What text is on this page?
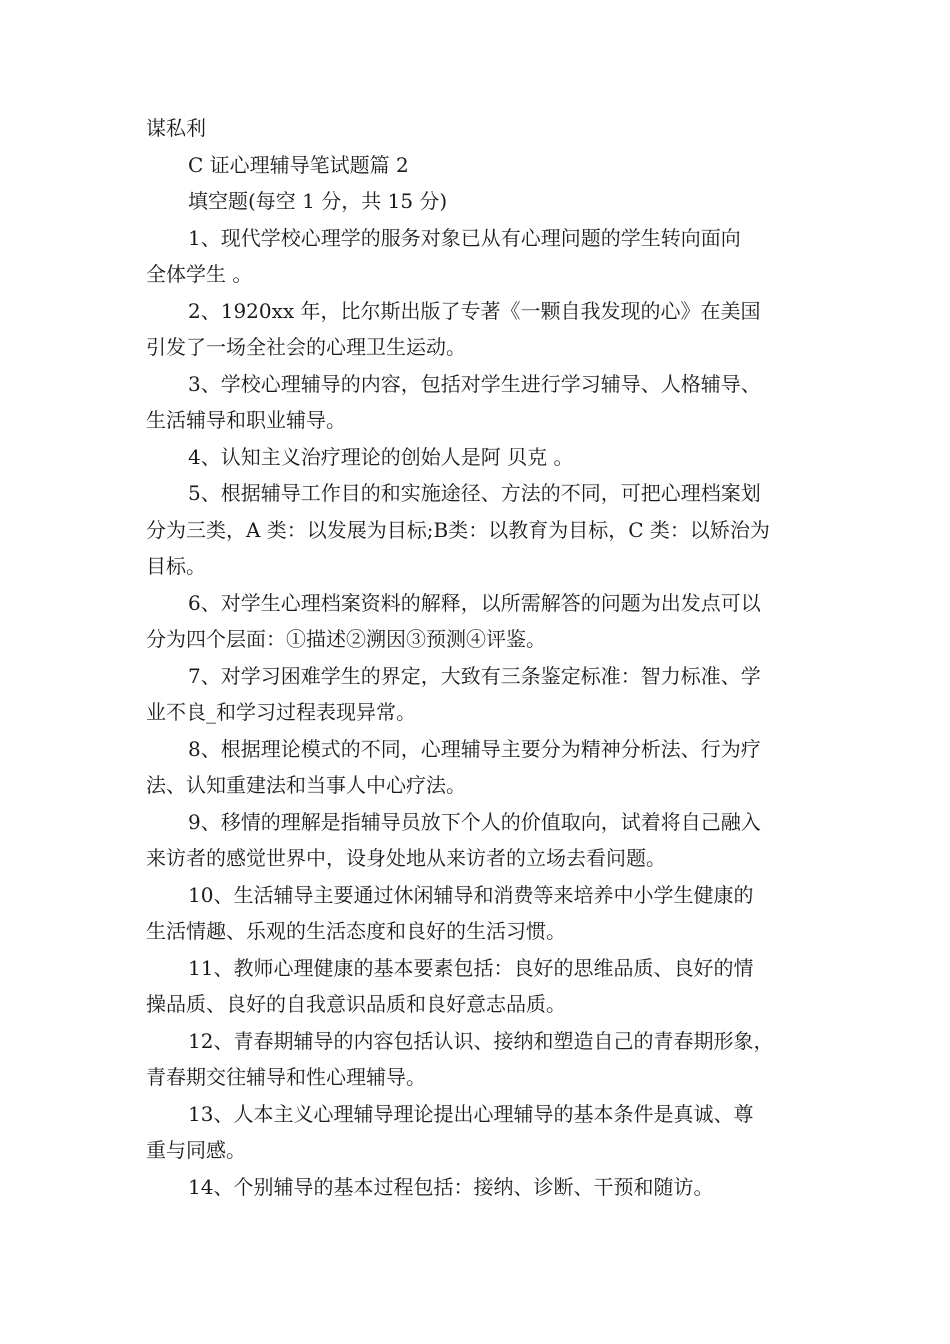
谋私利
C 证心理辅导笔试题篇 2
填空题(每空 1 分，共 15 分)
1、现代学校心理学的服务对象已从有心理问题的学生转向面向
全体学生 。
2、1920xx 年，比尔斯出版了专著《一颗自我发现的心》在美国
引发了一场全社会的心理卫生运动。
3、学校心理辅导的内容，包括对学生进行学习辅导、人格辅导、
生活辅导和职业辅导。
4、认知主义治疗理论的创始人是阿 贝克 。
5、根据辅导工作目的和实施途径、方法的不同，可把心理档案划
分为三类，A 类：以发展为目标;B类：以教育为目标，C 类：以矫治为
目标。
6、对学生心理档案资料的解释，以所需解答的问题为出发点可以
分为四个层面：①描述②溯因③预测④评鉴。
7、对学习困难学生的界定，大致有三条鉴定标准：智力标准、学
业不良_和学习过程表现异常。
8、根据理论模式的不同，心理辅导主要分为精神分析法、行为疗
法、认知重建法和当事人中心疗法。
9、移情的理解是指辅导员放下个人的价值取向，试着将自己融入
来访者的感觉世界中，设身处地从来访者的立场去看问题。
10、生活辅导主要通过休闲辅导和消费等来培养中小学生健康的
生活情趣、乐观的生活态度和良好的生活习惯。
11、教师心理健康的基本要素包括：良好的思维品质、良好的情
操品质、良好的自我意识品质和良好意志品质。
12、青春期辅导的内容包括认识、接纳和塑造自己的青春期形象，
青春期交往辅导和性心理辅导。
13、人本主义心理辅导理论提出心理辅导的基本条件是真诚、尊
重与同感。
14、个别辅导的基本过程包括：接纳、诊断、干预和随访。
